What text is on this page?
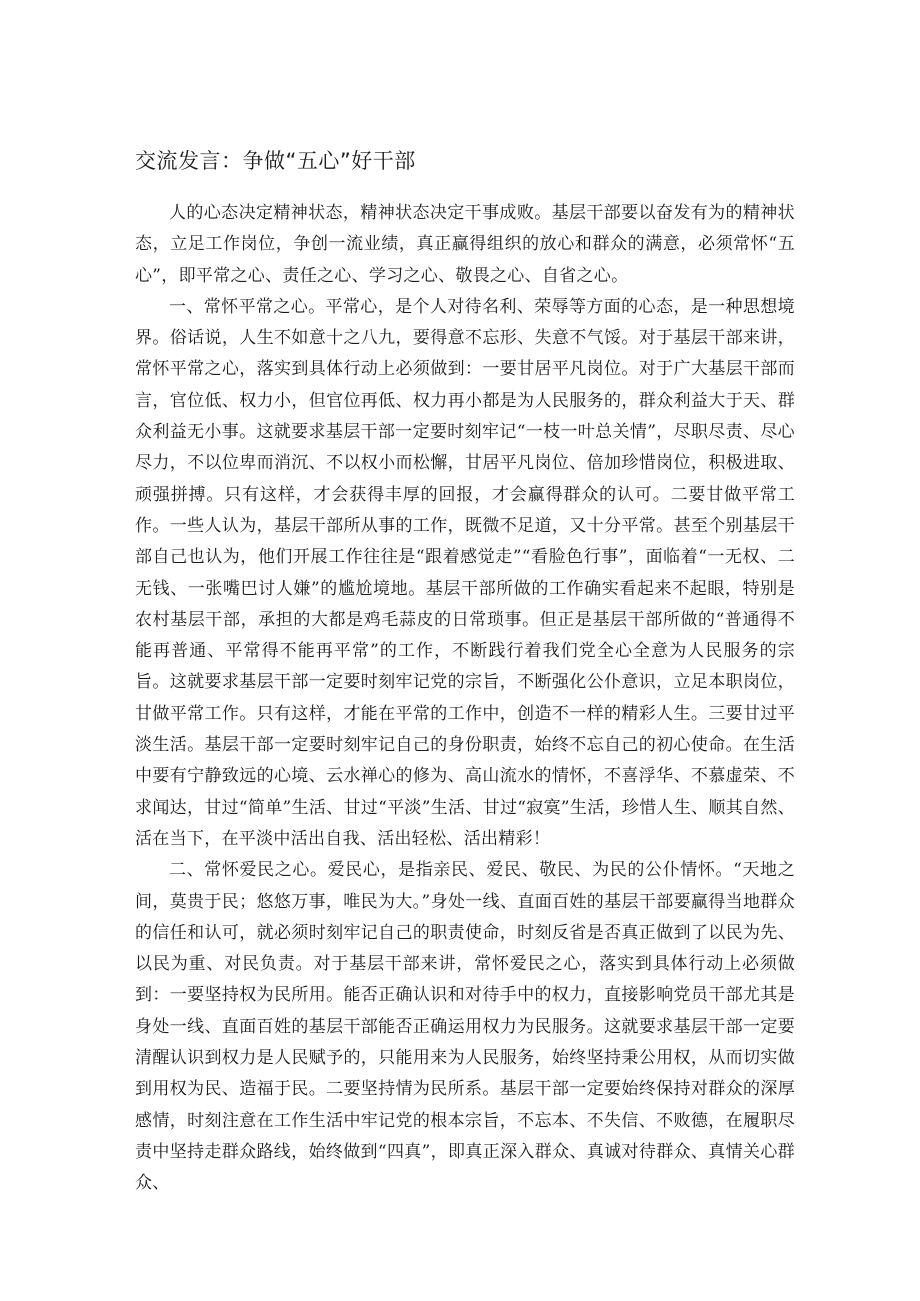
交流发言：争做“五心”好干部

人的心态决定精神状态，精神状态决定干事成败。基层干部要以奋发有为的精神状态，立足工作岗位，争创一流业绩，真正赢得组织的放心和群众的满意，必须常怀“五心”，即平常之心、责任之心、学习之心、敬畏之心、自省之心。

一、常怀平常之心。平常心，是个人对待名利、荣辱等方面的心态，是一种思想境界。俗话说，人生不如意十之八九，要得意不忘形、失意不气馁。对于基层干部来讲，常怀平常之心，落实到具体行动上必须做到：一要甘居平凡岗位。对于广大基层干部而言，官位低、权力小，但官位再低、权力再小都是为人民服务的，群众利益大于天、群众利益无小事。这就要求基层干部一定要时刻牢记“一枝一叶总关情”，尽职尽责、尽心尽力，不以位卑而消沉、不以权小而松懈，甘居平凡岗位、倍加珍惜岗位，积极进取、顽强拼搏。只有这样，才会获得丰厚的回报，才会赢得群众的认可。二要甘做平常工作。一些人认为，基层干部所从事的工作，既微不足道，又十分平常。甚至个别基层干部自己也认为，他们开展工作往往是“跟着感觉走”“看脸色行事”，面临着“一无权、二无钱、一张嘴巴讨人嫌”的尴尬境地。基层干部所做的工作确实看起来不起眼，特别是农村基层干部，承担的大都是鸡毛蒜皮的日常琐事。但正是基层干部所做的“普通得不能再普通、平常得不能再平常”的工作，不断践行着我们党全心全意为人民服务的宗旨。这就要求基层干部一定要时刻牢记党的宗旨，不断强化公仆意识，立足本职岗位，甘做平常工作。只有这样，才能在平常的工作中，创造不一样的精彩人生。三要甘过平淡生活。基层干部一定要时刻牢记自己的身份职责，始终不忘自己的初心使命。在生活中要有宁静致远的心境、云水禅心的修为、高山流水的情怀，不喜浮华、不慕虚荣、不求闻达，甘过“简单”生活、甘过“平淡”生活、甘过“寂寞”生活，珍惜人生、顺其自然、活在当下，在平淡中活出自我、活出轻松、活出精彩！

二、常怀爱民之心。爱民心，是指亲民、爱民、敬民、为民的公仆情怀。“天地之间，莫贵于民；悠悠万事，唯民为大。”身处一线、直面百姓的基层干部要赢得当地群众的信任和认可，就必须时刻牢记自己的职责使命，时刻反省是否真正做到了以民为先、以民为重、对民负责。对于基层干部来讲，常怀爱民之心，落实到具体行动上必须做到：一要坚持权为民所用。能否正确认识和对待手中的权力，直接影响党员干部尤其是身处一线、直面百姓的基层干部能否正确运用权力为民服务。这就要求基层干部一定要清醒认识到权力是人民赋予的，只能用来为人民服务，始终坚持秉公用权，从而切实做到用权为民、造福于民。二要坚持情为民所系。基层干部一定要始终保持对群众的深厚感情，时刻注意在工作生活中牢记党的根本宗旨，不忘本、不失信、不败德，在履职尽责中坚持走群众路线，始终做到“四真”，即真正深入群众、真诚对待群众、真情关心群众、
